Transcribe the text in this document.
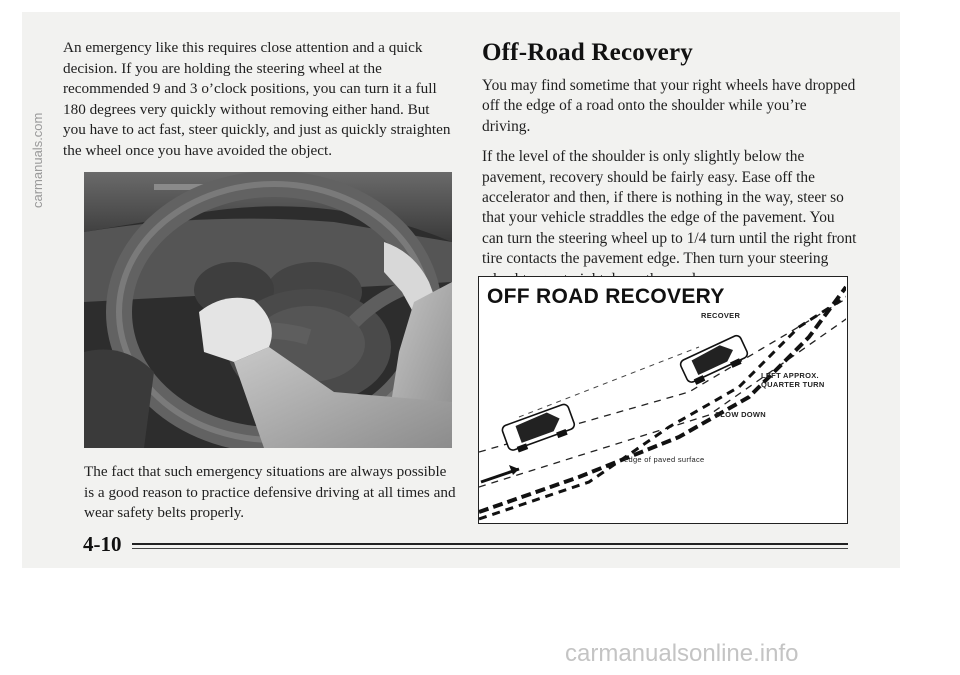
An emergency like this requires close attention and a quick decision. If you are holding the steering wheel at the recommended 9 and 3 o’clock positions, you can turn it a full 180 degrees very quickly without removing either hand. But you have to act fast, steer quickly, and just as quickly straighten the wheel once you have avoided the object.

The fact that such emergency situations are always possible is a good reason to practice defensive driving at all times and wear safety belts properly.

Off-Road Recovery

You may find sometime that your right wheels have dropped off the edge of a road onto the shoulder while you’re driving.

If the level of the shoulder is only slightly below the pavement, recovery should be fairly easy. Ease off the accelerator and then, if there is nothing in the way, steer so that your vehicle straddles the edge of the pavement. You can turn the steering wheel up to 1/4 turn until the right front tire contacts the pavement edge. Then turn your steering

OFF ROAD RECOVERY
RECOVER
LEFT APPROX.
QUARTER TURN
SLOW DOWN
edge of paved surface
4-10
carmanuals.com
carmanualsonline.info
